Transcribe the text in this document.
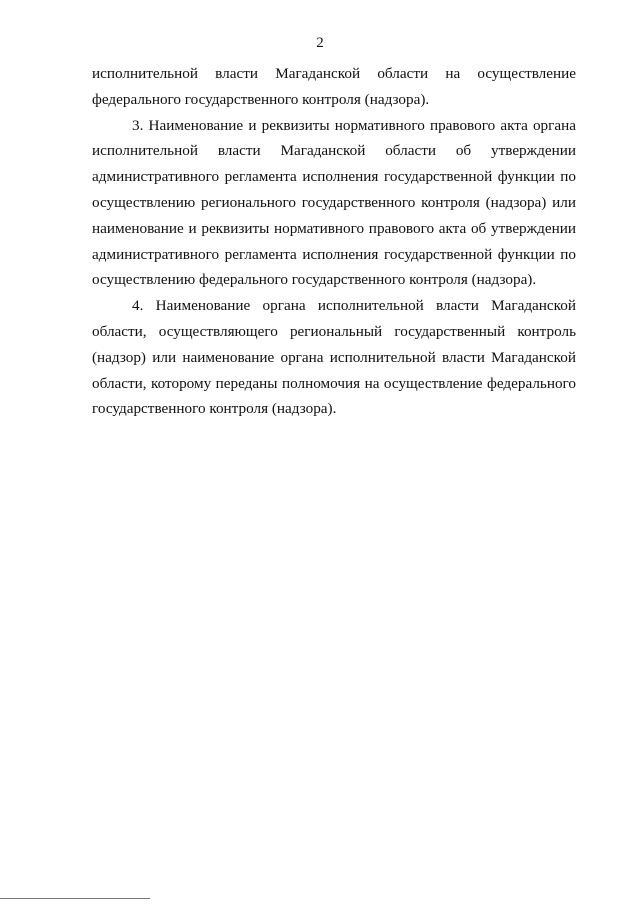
2
исполнительной власти Магаданской области на осуществление
федерального государственного контроля (надзора).
3. Наименование и реквизиты нормативного правового акта органа
исполнительной власти Магаданской области об утверждении
административного регламента исполнения государственной функции по
осуществлению регионального государственного контроля (надзора) или
наименование и реквизиты нормативного правового акта об утверждении
административного регламента исполнения государственной функции по
осуществлению федерального государственного контроля (надзора).
4. Наименование органа исполнительной власти Магаданской
области, осуществляющего региональный государственный контроль
(надзор) или наименование органа исполнительной власти Магаданской
области, которому переданы полномочия на осуществление федерального
государственного контроля (надзора).
